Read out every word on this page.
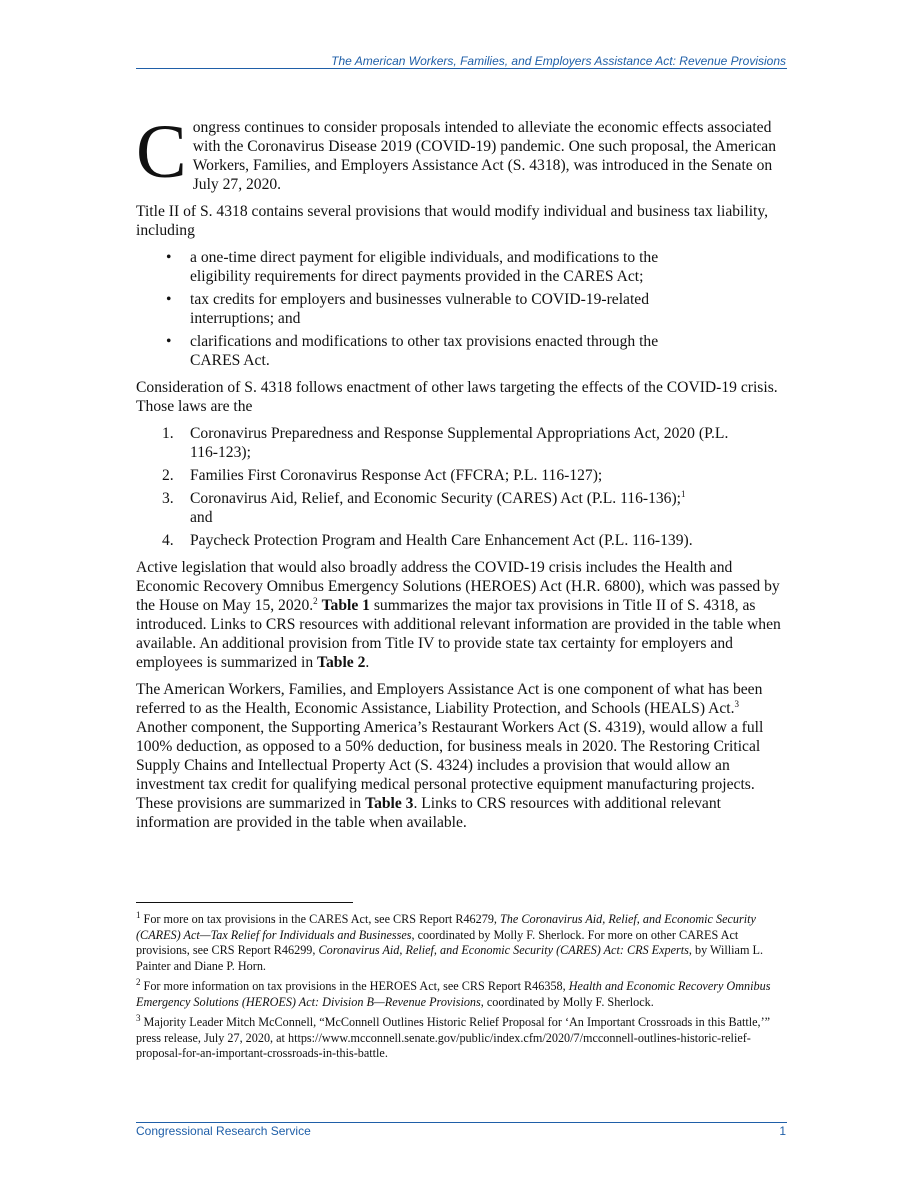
The American Workers, Families, and Employers Assistance Act: Revenue Provisions

Congress continues to consider proposals intended to alleviate the economic effects associated with the Coronavirus Disease 2019 (COVID-19) pandemic. One such proposal, the American Workers, Families, and Employers Assistance Act (S. 4318), was introduced in the Senate on July 27, 2020.

Title II of S. 4318 contains several provisions that would modify individual and business tax liability, including

• a one-time direct payment for eligible individuals, and modifications to the eligibility requirements for direct payments provided in the CARES Act;
• tax credits for employers and businesses vulnerable to COVID-19-related interruptions; and
• clarifications and modifications to other tax provisions enacted through the CARES Act.

Consideration of S. 4318 follows enactment of other laws targeting the effects of the COVID-19 crisis. Those laws are the

1. Coronavirus Preparedness and Response Supplemental Appropriations Act, 2020 (P.L. 116-123);
2. Families First Coronavirus Response Act (FFCRA; P.L. 116-127);
3. Coronavirus Aid, Relief, and Economic Security (CARES) Act (P.L. 116-136);$^1$
and
4. Paycheck Protection Program and Health Care Enhancement Act (P.L. 116-139).

Active legislation that would also broadly address the COVID-19 crisis includes the Health and Economic Recovery Omnibus Emergency Solutions (HEROES) Act (H.R. 6800), which was passed by the House on May 15, 2020.$^2$ Table 1 summarizes the major tax provisions in Title II of S. 4318, as introduced. Links to CRS resources with additional relevant information are provided in the table when available. An additional provision from Title IV to provide state tax certainty for employers and employees is summarized in Table 2.

The American Workers, Families, and Employers Assistance Act is one component of what has been referred to as the Health, Economic Assistance, Liability Protection, and Schools (HEALS) Act.$^3$ Another component, the Supporting America’s Restaurant Workers Act (S. 4319), would allow a full 100% deduction, as opposed to a 50% deduction, for business meals in 2020. The Restoring Critical Supply Chains and Intellectual Property Act (S. 4324) includes a provision that would allow an investment tax credit for qualifying medical personal protective equipment manufacturing projects. These provisions are summarized in Table 3. Links to CRS resources with additional relevant information are provided in the table when available.

$^1$ For more on tax provisions in the CARES Act, see CRS Report R46279, The Coronavirus Aid, Relief, and Economic Security (CARES) Act—Tax Relief for Individuals and Businesses, coordinated by Molly F. Sherlock. For more on other CARES Act provisions, see CRS Report R46299, Coronavirus Aid, Relief, and Economic Security (CARES) Act: CRS Experts, by William L. Painter and Diane P. Horn.

$^2$ For more information on tax provisions in the HEROES Act, see CRS Report R46358, Health and Economic Recovery Omnibus Emergency Solutions (HEROES) Act: Division B—Revenue Provisions, coordinated by Molly F. Sherlock.

$^3$ Majority Leader Mitch McConnell, “McConnell Outlines Historic Relief Proposal for ‘An Important Crossroads in this Battle,’” press release, July 27, 2020, at https://www.mcconnell.senate.gov/public/index.cfm/2020/7/mcconnell-outlines-historic-relief-proposal-for-an-important-crossroads-in-this-battle.

Congressional Research Service	1
